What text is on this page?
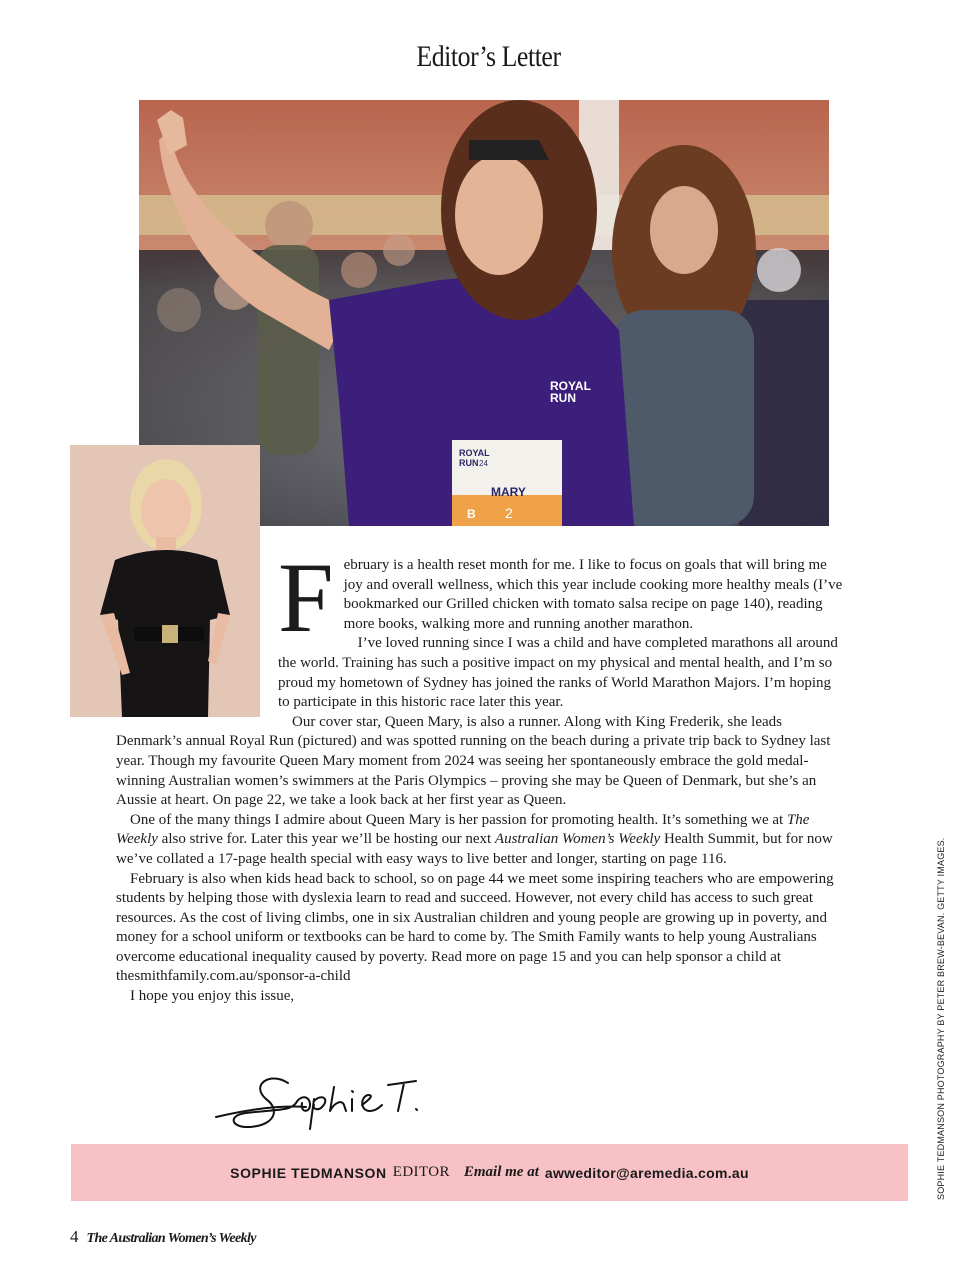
Editor’s Letter
ROYAL
RUN
ROYAL
RUN 24
MARY
B 2
F ebruary is a health reset month for me. I like to focus on goals that will bring me joy and overall wellness, which this year include cooking more healthy meals (I’ve bookmarked our Grilled chicken with tomato salsa recipe on page 140), reading more books, walking more and running another marathon.

I’ve loved running since I was a child and have completed marathons all around the world. Training has such a positive impact on my physical and mental health, and I’m so proud my hometown of Sydney has joined the ranks of World Marathon Majors. I’m hoping to participate in this historic race later this year.

Our cover star, Queen Mary, is also a runner. Along with King Frederik, she leads Denmark’s annual Royal Run (pictured) and was spotted running on the beach during a private trip back to Sydney last year. Though my favourite Queen Mary moment from 2024 was seeing her spontaneously embrace the gold medal-winning Australian women’s swimmers at the Paris Olympics – proving she may be Queen of Denmark, but she’s an Aussie at heart. On page 22, we take a look back at her first year as Queen.

One of the many things I admire about Queen Mary is her passion for promoting health. It’s something we at The Weekly also strive for. Later this year we’ll be hosting our next Australian Women’s Weekly Health Summit, but for now we’ve collated a 17-page health special with easy ways to live better and longer, starting on page 116.

February is also when kids head back to school, so on page 44 we meet some inspiring teachers who are empowering students by helping those with dyslexia learn to read and succeed. However, not every child has access to such great resources. As the cost of living climbs, one in six Australian children and young people are growing up in poverty, and money for a school uniform or textbooks can be hard to come by. The Smith Family wants to help young Australians overcome educational inequality caused by poverty. Read more on page 15 and you can help sponsor a child at thesmithfamily.com.au/sponsor-a-child

I hope you enjoy this issue,

SOPHIE TEDMANSON EDITOR Email me at awweditor@aremedia.com.au	SOPHIE TEDMANSON PHOTOGRAPHY BY PETER BREW-BEVAN. GETTY IMAGES.
4 The Australian Women’s Weekly
